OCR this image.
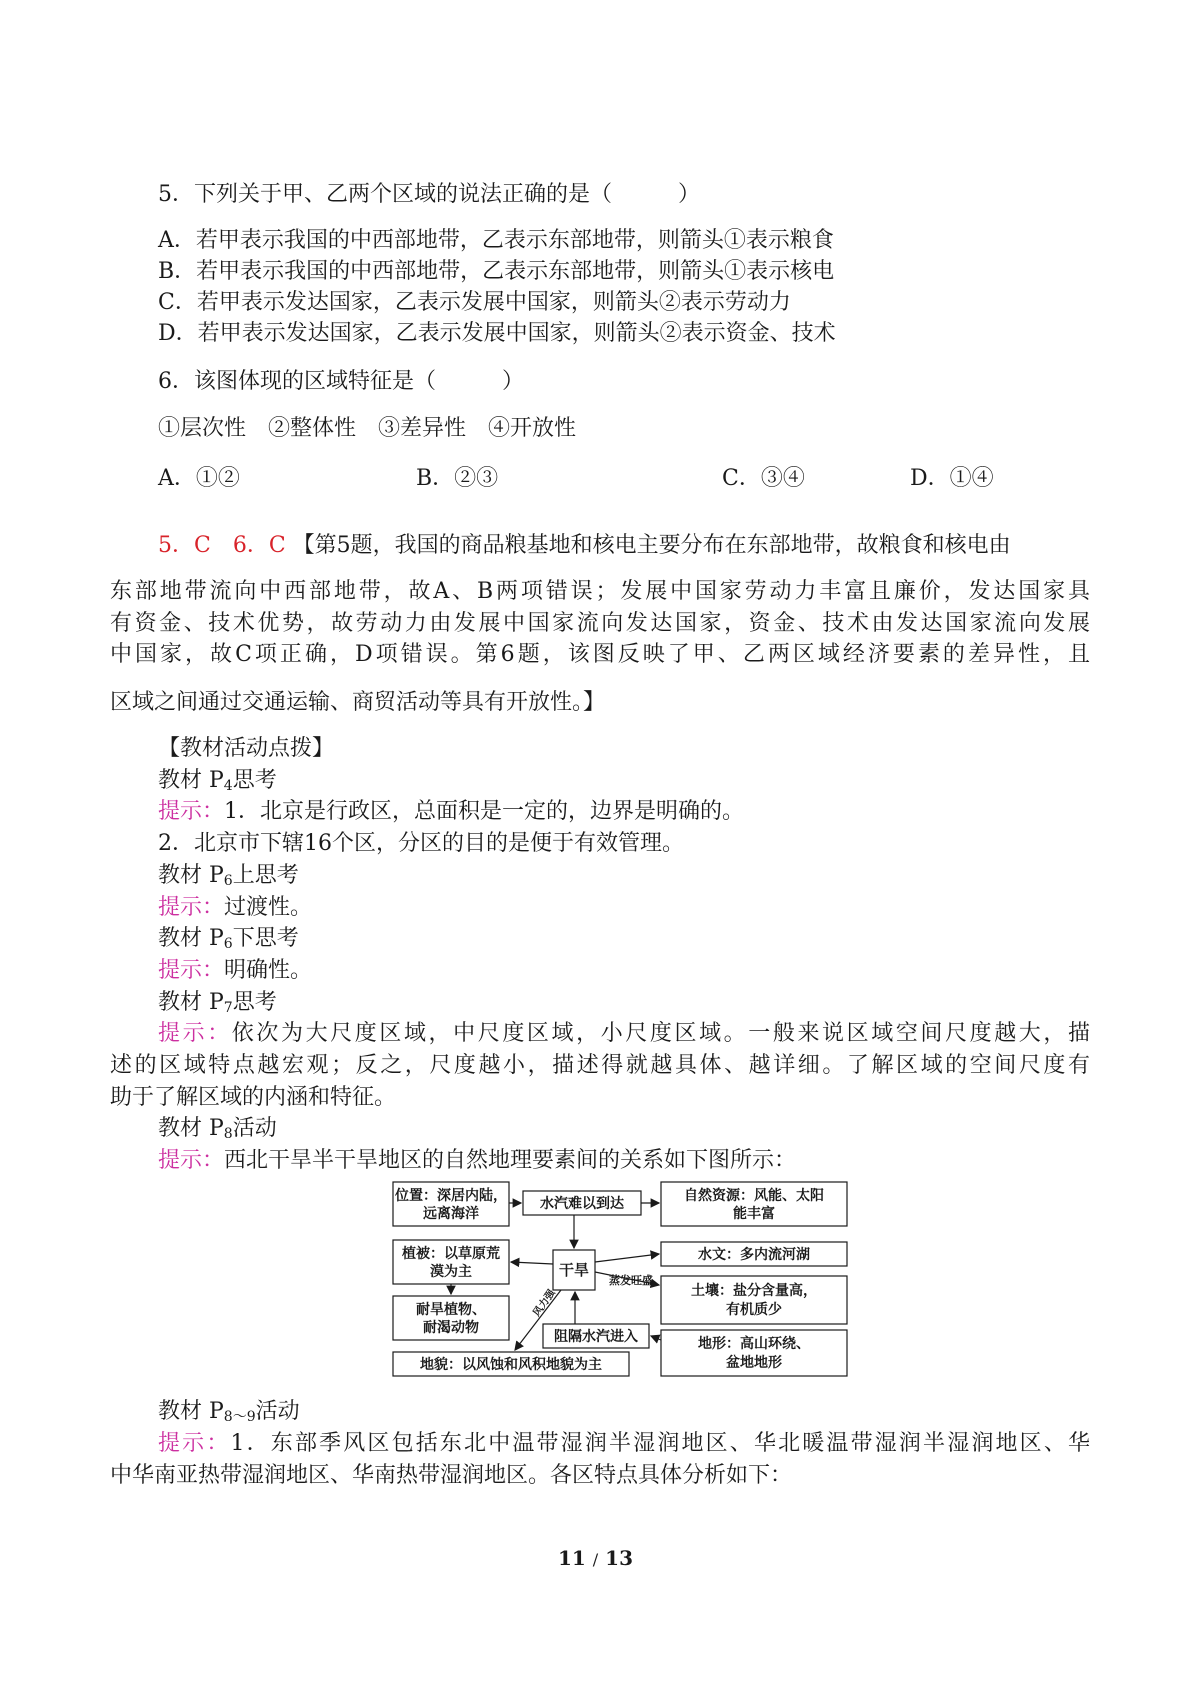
5．下列关于甲、乙两个区域的说法正确的是（　　　）
A．若甲表示我国的中西部地带，乙表示东部地带，则箭头①表示粮食
B．若甲表示我国的中西部地带，乙表示东部地带，则箭头①表示核电
C．若甲表示发达国家，乙表示发展中国家，则箭头②表示劳动力
D．若甲表示发达国家，乙表示发展中国家，则箭头②表示资金、技术
6．该图体现的区域特征是（　　　）
①层次性　②整体性　③差异性　④开放性
A．①②	B．②③	C．③④	D．①④
5．C　6．C 【第5题，我国的商品粮基地和核电主要分布在东部地带，故粮食和核电由
东部地带流向中西部地带，故A、B两项错误；发展中国家劳动力丰富且廉价，发达国家具
有资金、技术优势，故劳动力由发展中国家流向发达国家，资金、技术由发达国家流向发展
中国家，故C项正确，D项错误。第6题，该图反映了甲、乙两区域经济要素的差异性，且
区域之间通过交通运输、商贸活动等具有开放性。】
【教材活动点拨】
教材 $P_4$思考
提示：1．北京是行政区，总面积是一定的，边界是明确的。
2．北京市下辖16个区，分区的目的是便于有效管理。
教材 $P_6$上思考
提示：过渡性。
教材 $P_6$下思考
提示：明确性。
教材 $P_7$思考
提示：依次为大尺度区域，中尺度区域，小尺度区域。一般来说区域空间尺度越大，描
述的区域特点越宏观；反之，尺度越小，描述得就越具体、越详细。了解区域的空间尺度有
助于了解区域的内涵和特征。
教材 $P_8$活动
提示：西北干旱半干旱地区的自然地理要素间的关系如下图所示：
位置：深居内陆，
远离海洋
水汽难以到达	自然资源：风能、太阳
能丰富
植被：以草原荒
漠为主	干旱
水文：多内流河湖
土壤：盐分含量高，
有机质少
耐旱植物、
耐渴动物
阻隔水汽进入	地形：高山环绕、
盆地地形
地貌：以风蚀和风积地貌为主
蒸发旺盛
风力强
教材 $P_{8\sim 9}$活动
提示：1．东部季风区包括东北中温带湿润半湿润地区、华北暖温带湿润半湿润地区、华
中华南亚热带湿润地区、华南热带湿润地区。各区特点具体分析如下：
11 / 13
